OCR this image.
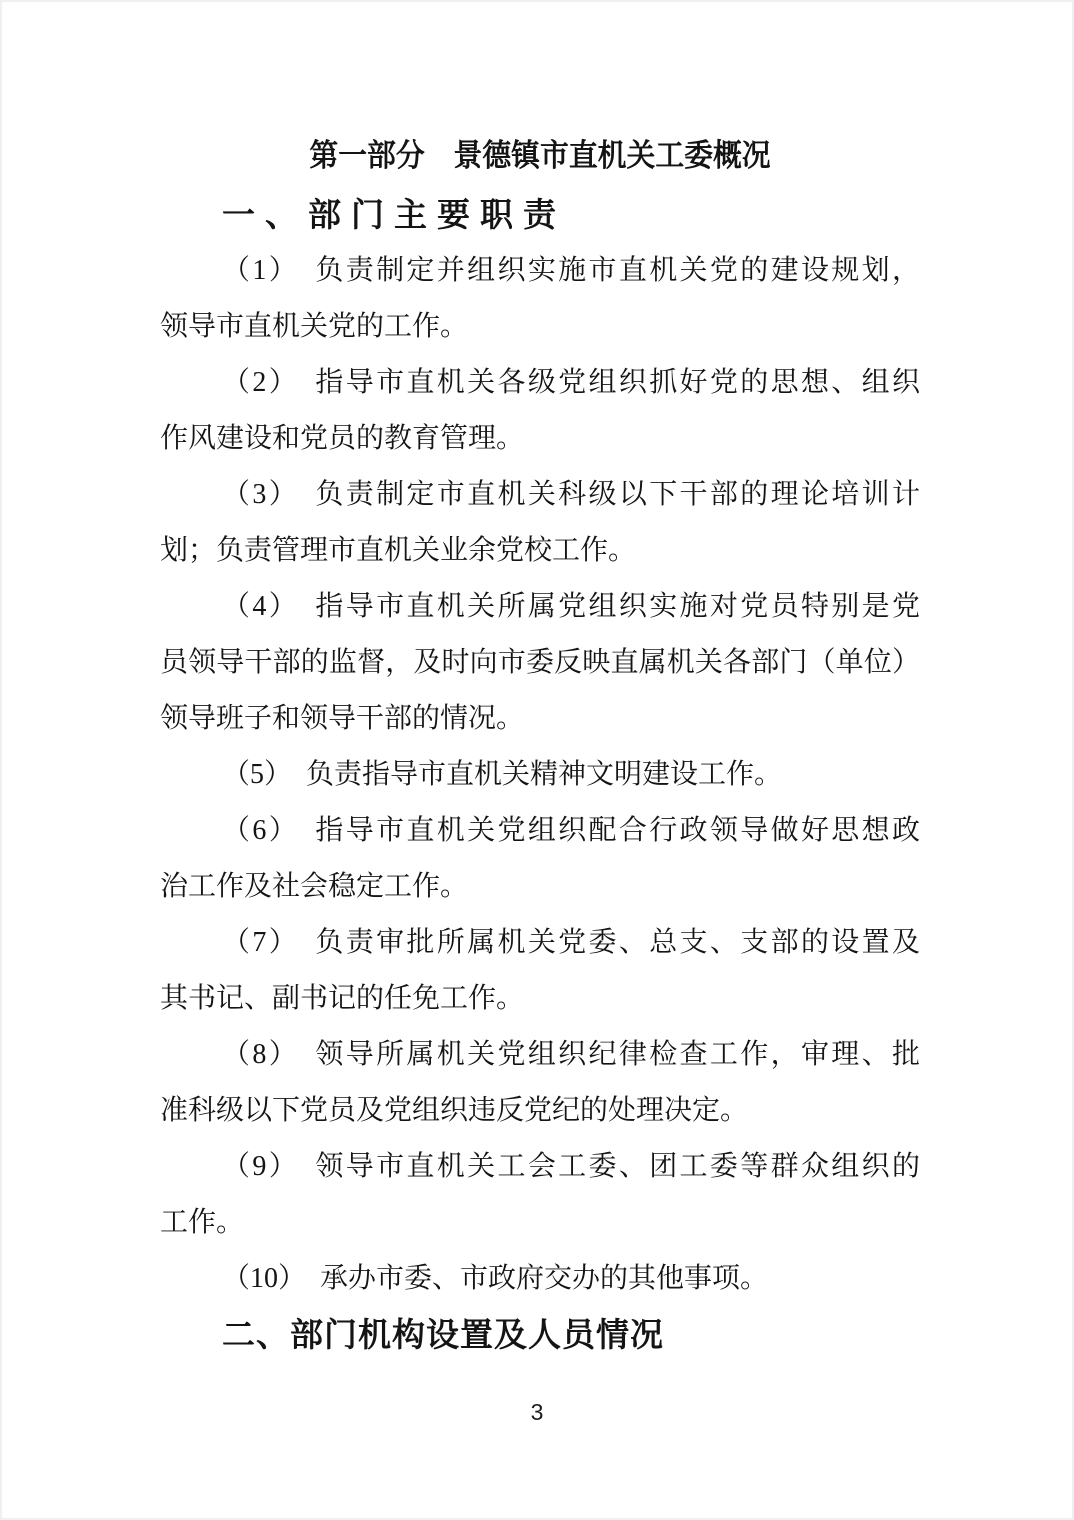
第一部分　景德镇市直机关工委概况
一、部门主要职责
（1）　负责制定并组织实施市直机关党的建设规划，
领导市直机关党的工作。
（2）　指导市直机关各级党组织抓好党的思想、组织
作风建设和党员的教育管理。
（3）　负责制定市直机关科级以下干部的理论培训计
划；负责管理市直机关业余党校工作。
（4）　指导市直机关所属党组织实施对党员特别是党
员领导干部的监督，及时向市委反映直属机关各部门（单位）
领导班子和领导干部的情况。
（5）　负责指导市直机关精神文明建设工作。
（6）　指导市直机关党组织配合行政领导做好思想政
治工作及社会稳定工作。
（7）　负责审批所属机关党委、总支、支部的设置及
其书记、副书记的任免工作。
（8）　领导所属机关党组织纪律检查工作，审理、批
准科级以下党员及党组织违反党纪的处理决定。
（9）　领导市直机关工会工委、团工委等群众组织的
工作。
（10）　承办市委、市政府交办的其他事项。
二、部门机构设置及人员情况
3
